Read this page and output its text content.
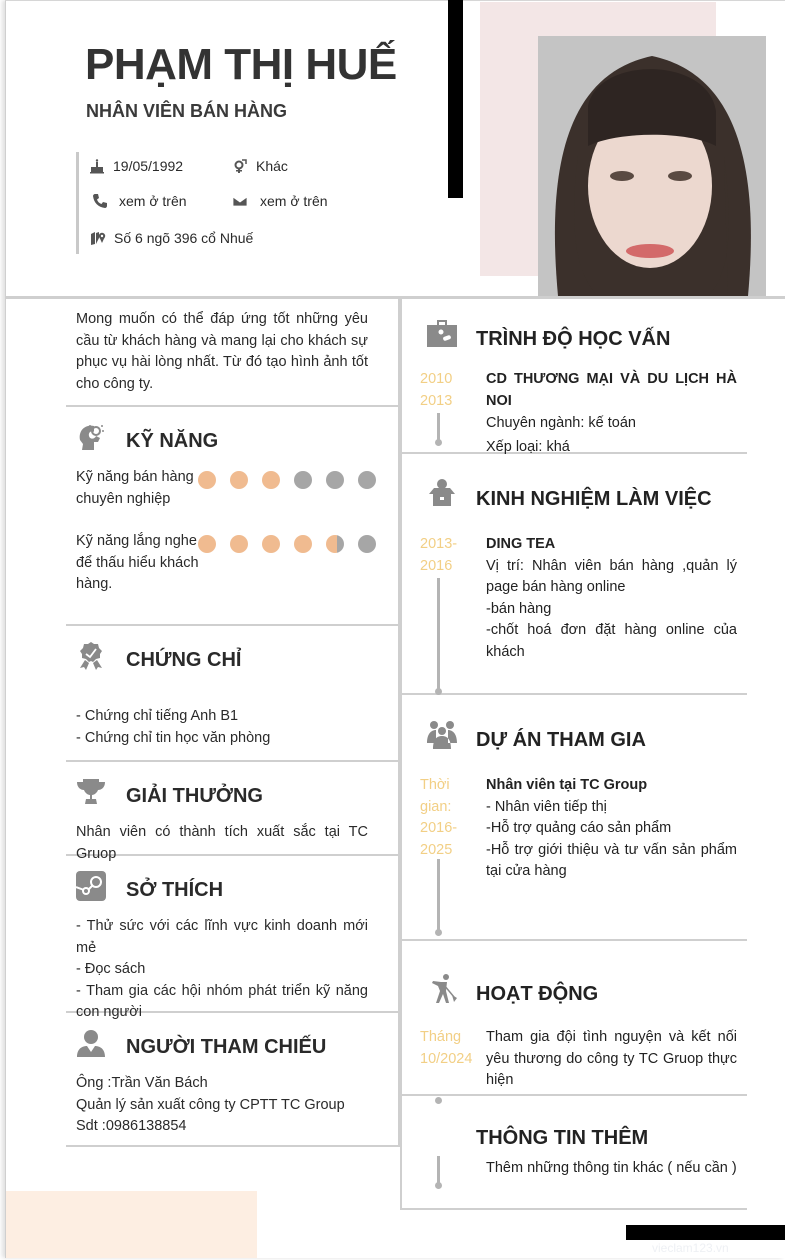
PHẠM THỊ HUẾ
NHÂN VIÊN BÁN HÀNG
19/05/1992	Khác
xem ở trên	xem ở trên
Số 6 ngõ 396 cổ Nhuế
Mong muốn có thể đáp ứng tốt những yêu cầu từ khách hàng và mang lại cho khách sự phục vụ hài lòng nhất. Từ đó tạo hình ảnh tốt cho công ty.
KỸ NĂNG
Kỹ năng bán hàng chuyên nghiệp
Kỹ năng lắng nghe để thấu hiểu khách hàng.
CHỨNG CHỈ
- Chứng chỉ tiếng Anh B1
- Chứng chỉ tin học văn phòng
GIẢI THƯỞNG
Nhân viên có thành tích xuất sắc tại TC Gruop
SỞ THÍCH
- Thử sức với các lĩnh vực kinh doanh mới mẻ
- Đọc sách
- Tham gia các hội nhóm phát triển kỹ năng con người
NGƯỜI THAM CHIẾU
Ông :Trần Văn Bách
Quản lý sản xuất công ty CPTT TC Group
Sdt :0986138854
TRÌNH ĐỘ HỌC VẤN
2010 2013
CD THƯƠNG MẠI VÀ DU LỊCH HÀ NOI
Chuyên ngành: kế toán
Xếp loại: khá
KINH NGHIỆM LÀM VIỆC
2013-2016
DING TEA
Vị trí: Nhân viên bán hàng ,quản lý page bán hàng online
-bán hàng
-chốt hoá đơn đặt hàng online của khách
DỰ ÁN THAM GIA
Thời gian: 2016-2025
Nhân viên tại TC Group
- Nhân viên tiếp thị
-Hỗ trợ quảng cáo sản phẩm
-Hỗ trợ giới thiệu và tư vấn sản phẩm tại cửa hàng
HOẠT ĐỘNG
Tháng 10/2024
Tham gia đội tình nguyện và kết nối yêu thương do công ty TC Gruop thực hiện
THÔNG TIN THÊM
Thêm những thông tin khác ( nếu cần )
vieclam123.vn
